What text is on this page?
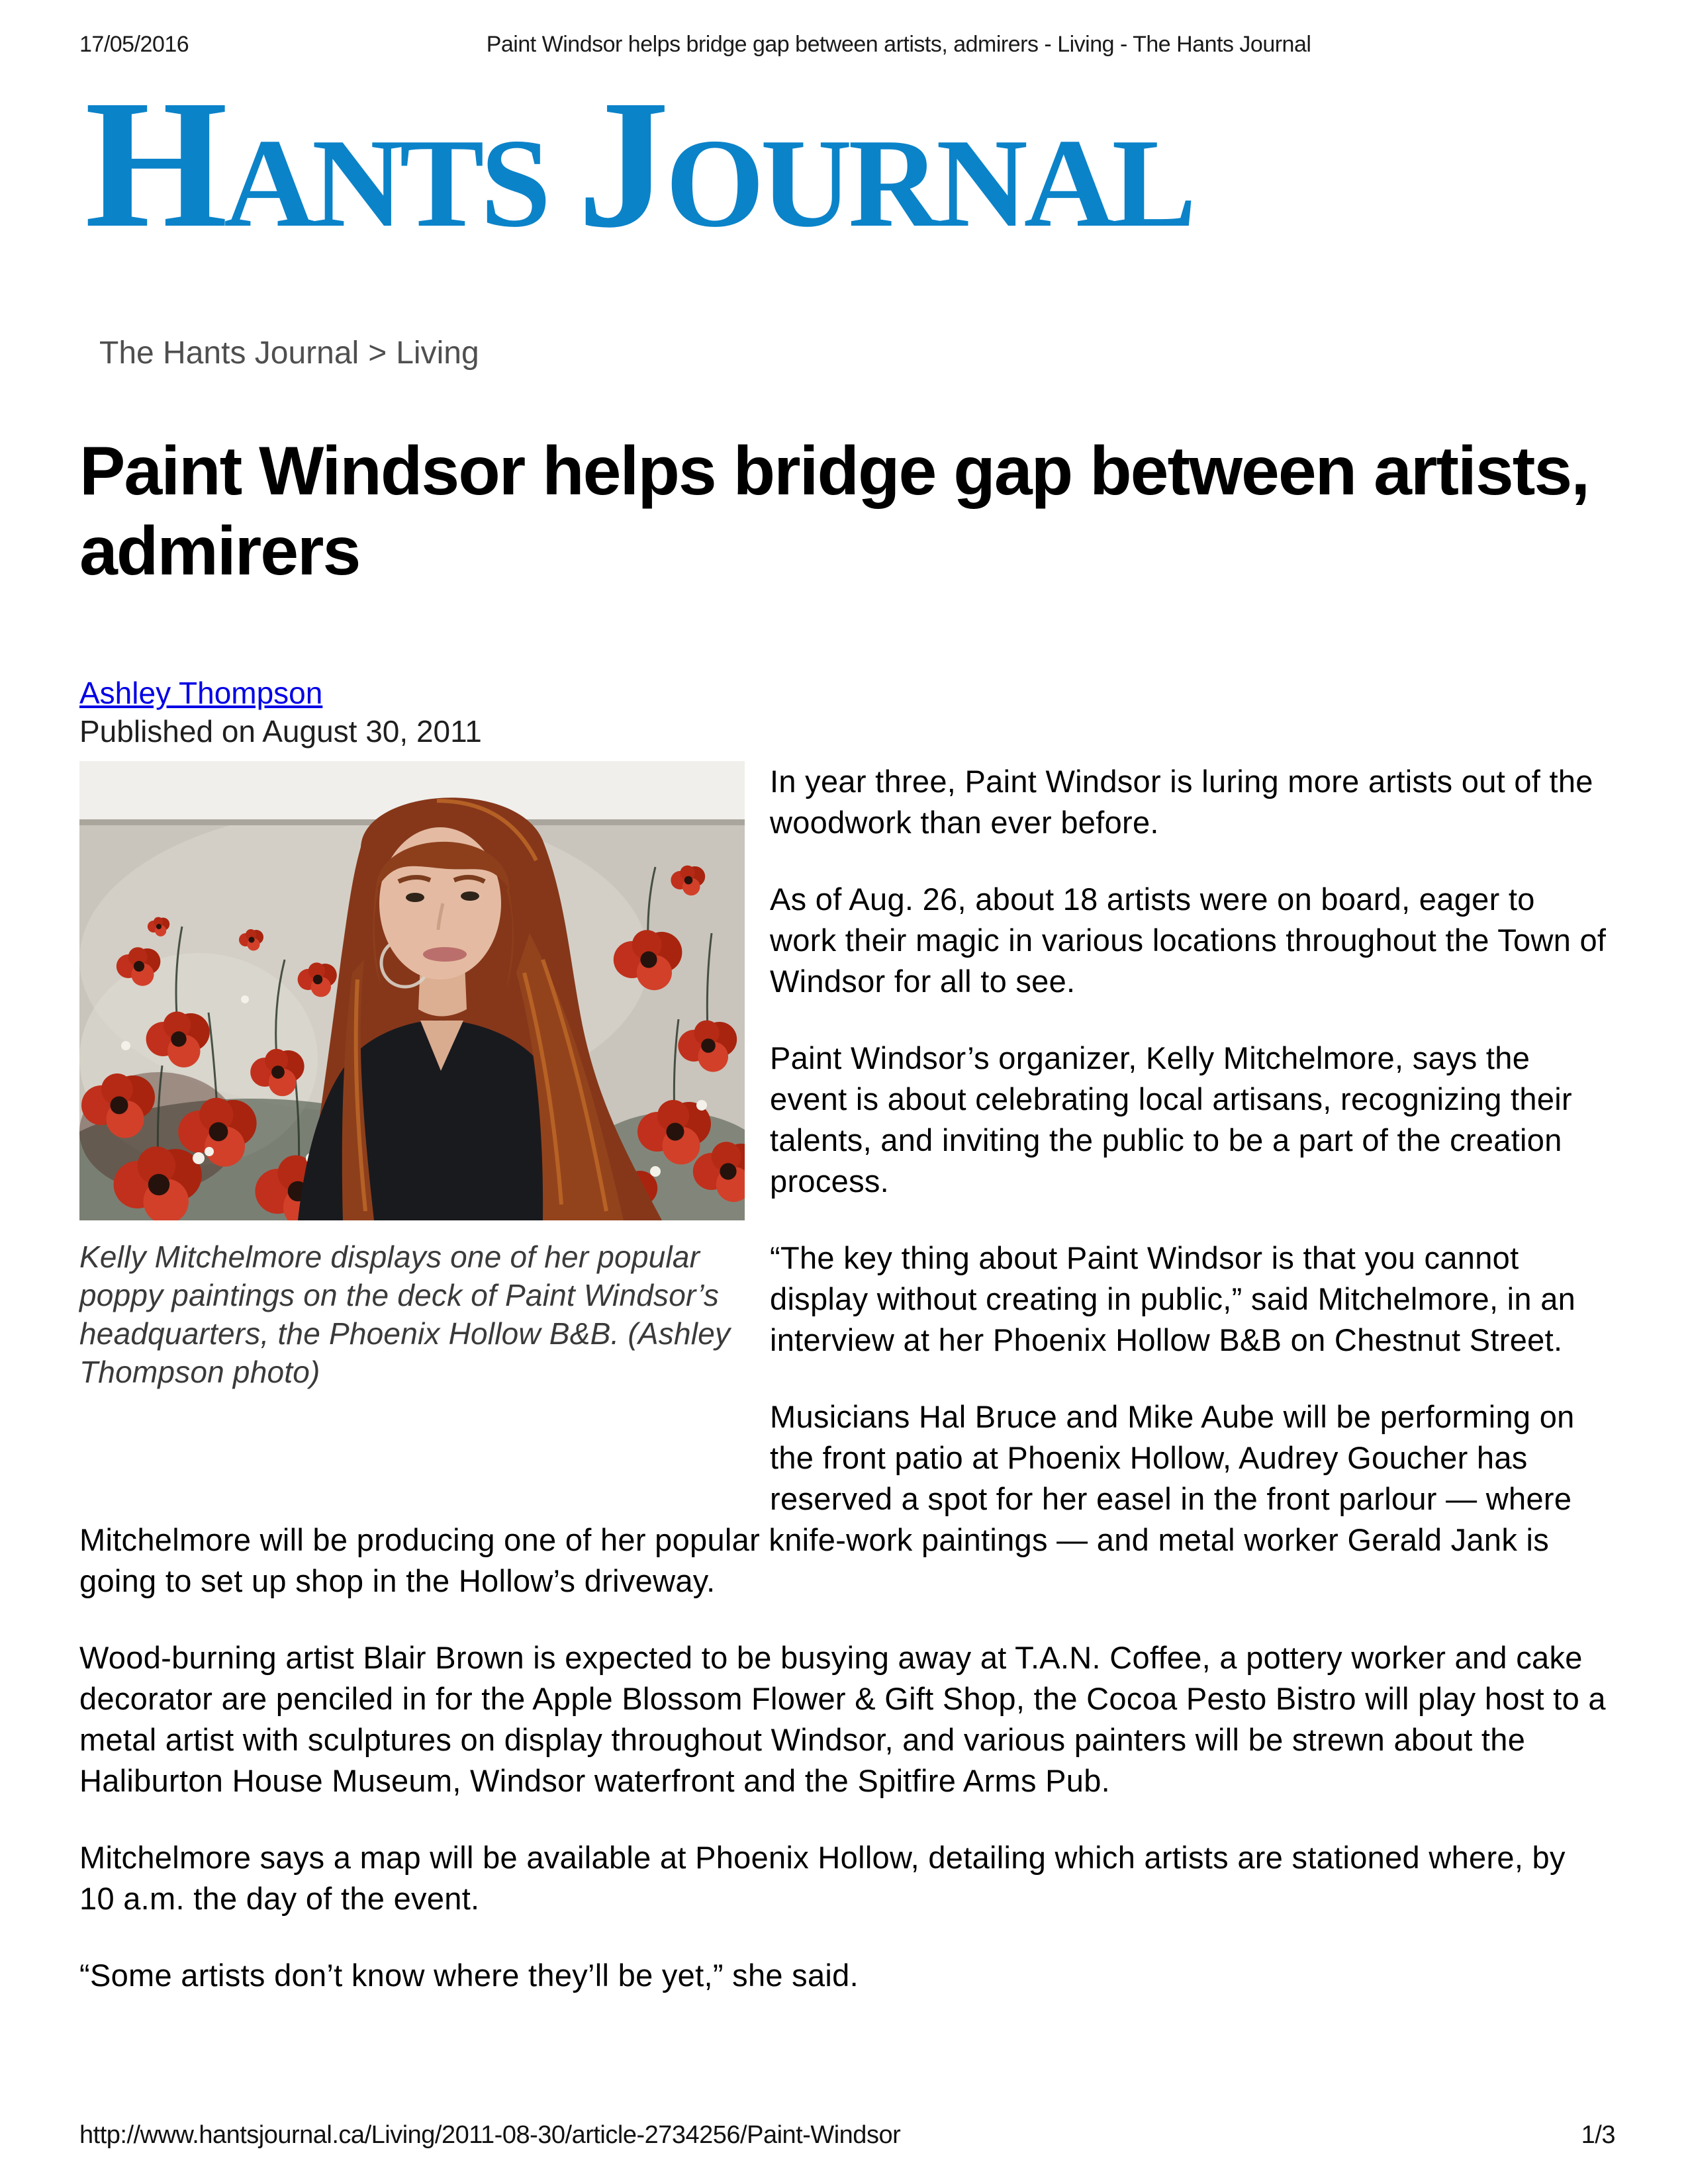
17/05/2016	Paint Windsor helps bridge gap between artists, admirers - Living - The Hants Journal
HANTS JOURNAL
The Hants Journal > Living
Paint Windsor helps bridge gap between artists, admirers
Ashley Thompson
Published on August 30, 2011
Kelly Mitchelmore displays one of her popular poppy paintings on the deck of Paint Windsor’s headquarters, the Phoenix Hollow B&B. (Ashley Thompson photo)

In year three, Paint Windsor is luring more artists out of the woodwork than ever before.

As of Aug. 26, about 18 artists were on board, eager to work their magic in various locations throughout the Town of Windsor for all to see.

Paint Windsor’s organizer, Kelly Mitchelmore, says the event is about celebrating local artisans, recognizing their talents, and inviting the public to be a part of the creation process.

“The key thing about Paint Windsor is that you cannot display without creating in public,” said Mitchelmore, in an interview at her Phoenix Hollow B&B on Chestnut Street.

Musicians Hal Bruce and Mike Aube will be performing on the front patio at Phoenix Hollow, Audrey Goucher has reserved a spot for her easel in the front parlour — where Mitchelmore will be producing one of her popular knife-work paintings — and metal worker Gerald Jank is going to set up shop in the Hollow’s driveway.

Wood-burning artist Blair Brown is expected to be busying away at T.A.N. Coffee, a pottery worker and cake decorator are penciled in for the Apple Blossom Flower & Gift Shop, the Cocoa Pesto Bistro will play host to a metal artist with sculptures on display throughout Windsor, and various painters will be strewn about the Haliburton House Museum, Windsor waterfront and the Spitfire Arms Pub.

Mitchelmore says a map will be available at Phoenix Hollow, detailing which artists are stationed where, by 10 a.m. the day of the event.

“Some artists don’t know where they’ll be yet,” she said.

http://www.hantsjournal.ca/Living/2011-08-30/article-2734256/Paint-Windsor	1/3
